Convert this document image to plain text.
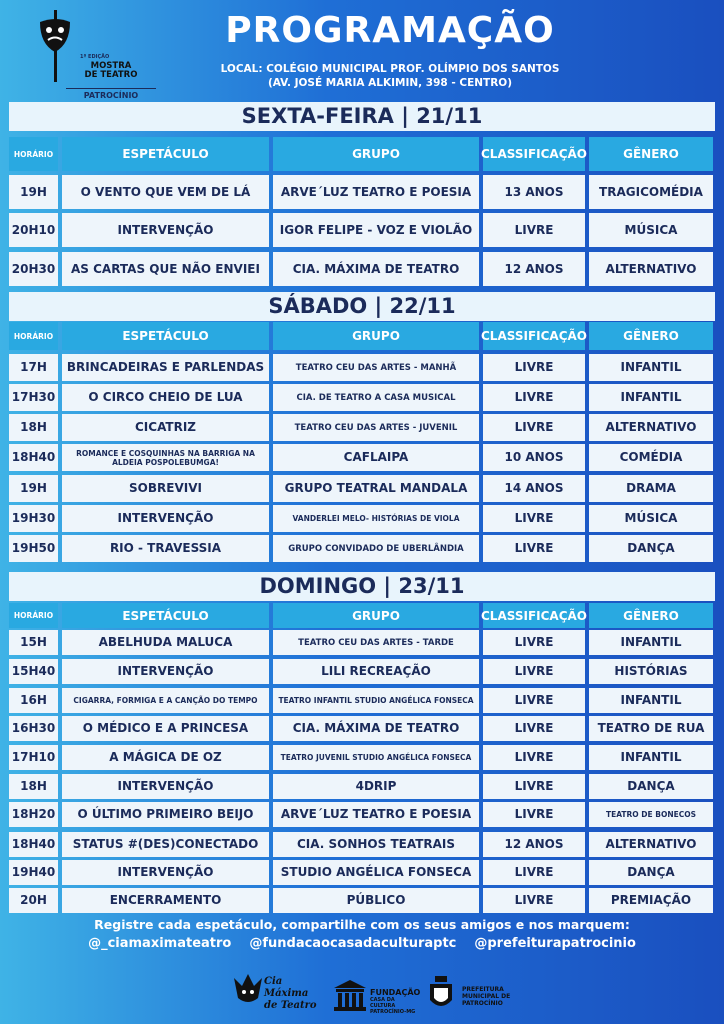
1ª EDIÇÃO
MOSTRA
DE TEATRO
PATROCÍNIO
PROGRAMAÇÃO
LOCAL: COLÉGIO MUNICIPAL PROF. OLÍMPIO DOS SANTOS
(AV. JOSÉ MARIA ALKIMIN, 398 - CENTRO)
SEXTA-FEIRA | 21/11
HORÁRIO	ESPETÁCULO	GRUPO	CLASSIFICAÇÃO	GÊNERO
19H	O VENTO QUE VEM DE LÁ	ARVE´LUZ TEATRO E POESIA	13 ANOS	TRAGICOMÉDIA
20H10	INTERVENÇÃO	IGOR FELIPE - VOZ E VIOLÃO	LIVRE	MÚSICA
20H30	AS CARTAS QUE NÃO ENVIEI	CIA. MÁXIMA DE TEATRO	12 ANOS	ALTERNATIVO
SÁBADO | 22/11
HORÁRIO	ESPETÁCULO	GRUPO	CLASSIFICAÇÃO	GÊNERO
17H	BRINCADEIRAS E PARLENDAS	TEATRO CEU DAS ARTES - MANHÃ	LIVRE	INFANTIL
17H30	O CIRCO CHEIO DE LUA	CIA. DE TEATRO A CASA MUSICAL	LIVRE	INFANTIL
18H	CICATRIZ	TEATRO CEU DAS ARTES - JUVENIL	LIVRE	ALTERNATIVO
18H40	ROMANCE E COSQUINHAS NA BARRIGA NA ALDEIA POSPOLEBUMGA!	CAFLAIPA	10 ANOS	COMÉDIA
19H	SOBREVIVI	GRUPO TEATRAL MANDALA	14 ANOS	DRAMA
19H30	INTERVENÇÃO	VANDERLEI MELO- HISTÓRIAS DE VIOLA	LIVRE	MÚSICA
19H50	RIO - TRAVESSIA	GRUPO CONVIDADO DE UBERLÂNDIA	LIVRE	DANÇA
DOMINGO | 23/11
HORÁRIO	ESPETÁCULO	GRUPO	CLASSIFICAÇÃO	GÊNERO
15H	ABELHUDA MALUCA	TEATRO CEU DAS ARTES - TARDE	LIVRE	INFANTIL
15H40	INTERVENÇÃO	LILI RECREAÇÃO	LIVRE	HISTÓRIAS
16H	CIGARRA, FORMIGA E A CANÇÃO DO TEMPO	TEATRO INFANTIL STUDIO ANGÉLICA FONSECA	LIVRE	INFANTIL
16H30	O MÉDICO E A PRINCESA	CIA. MÁXIMA DE TEATRO	LIVRE	TEATRO DE RUA
17H10	A MÁGICA DE OZ	TEATRO JUVENIL STUDIO ANGÉLICA FONSECA	LIVRE	INFANTIL
18H	INTERVENÇÃO	4DRIP	LIVRE	DANÇA
18H20	O ÚLTIMO PRIMEIRO BEIJO	ARVE´LUZ TEATRO E POESIA	LIVRE	TEATRO DE BONECOS
18H40	STATUS #(DES)CONECTADO	CIA. SONHOS TEATRAIS	12 ANOS	ALTERNATIVO
19H40	INTERVENÇÃO	STUDIO ANGÉLICA FONSECA	LIVRE	DANÇA
20H	ENCERRAMENTO	PÚBLICO	LIVRE	PREMIAÇÃO
Registre cada espetáculo, compartilhe com os seus amigos e nos marquem:
@_ciamaximateatro @fundacaocasadaculturaptc @prefeiturapatrocinio
Cia Máxima de Teatro
FUNDAÇÃO
CASA DA CULTURA PATROCÍNIO-MG
PREFEITURA MUNICIPAL DE PATROCÍNIO
